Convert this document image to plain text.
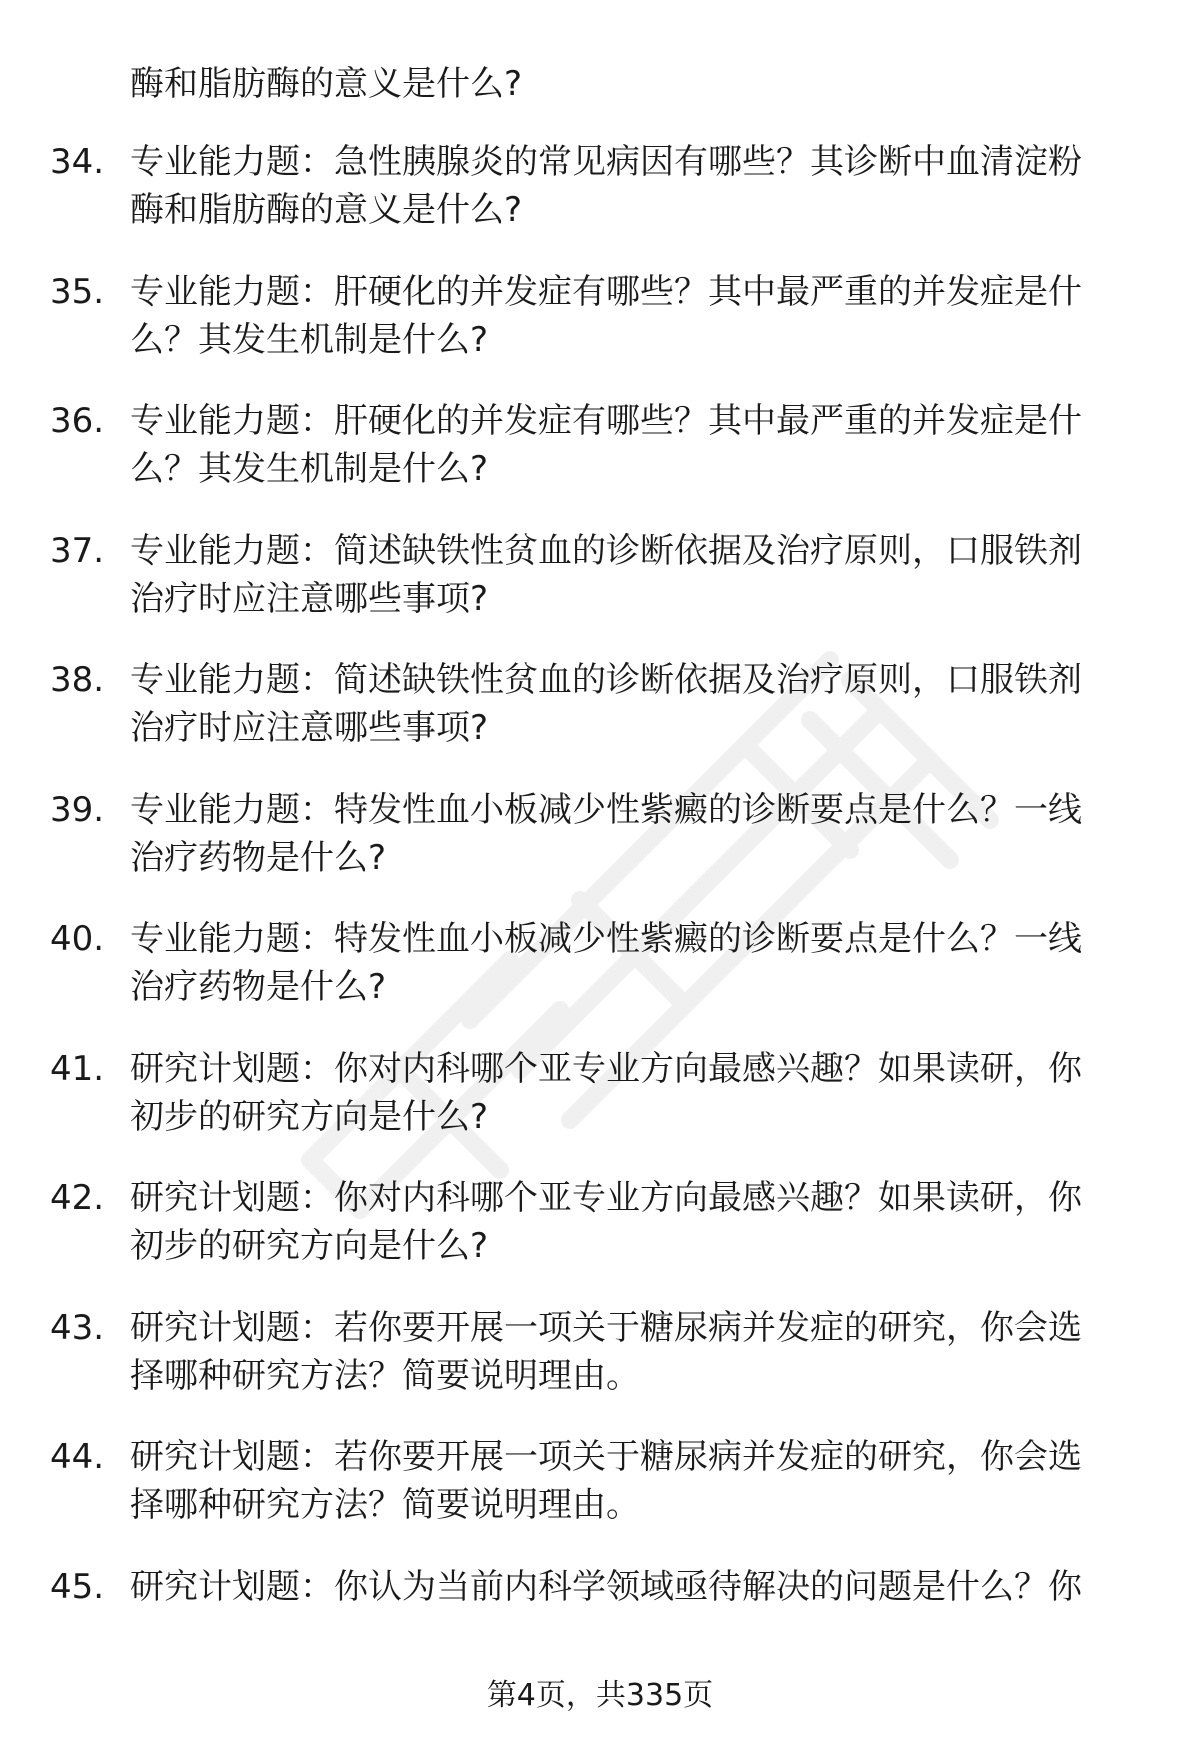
酶和脂肪酶的意义是什么?
34. 专业能力题：急性胰腺炎的常见病因有哪些？其诊断中血清淀粉
酶和脂肪酶的意义是什么?
35. 专业能力题：肝硬化的并发症有哪些？其中最严重的并发症是什
么？其发生机制是什么?
36. 专业能力题：肝硬化的并发症有哪些？其中最严重的并发症是什
么？其发生机制是什么?
37. 专业能力题：简述缺铁性贫血的诊断依据及治疗原则，口服铁剂
治疗时应注意哪些事项?
38. 专业能力题：简述缺铁性贫血的诊断依据及治疗原则，口服铁剂
治疗时应注意哪些事项?
39. 专业能力题：特发性血小板减少性紫癜的诊断要点是什么？一线
治疗药物是什么?
40. 专业能力题：特发性血小板减少性紫癜的诊断要点是什么？一线
治疗药物是什么?
41. 研究计划题：你对内科哪个亚专业方向最感兴趣？如果读研，你
初步的研究方向是什么?
42. 研究计划题：你对内科哪个亚专业方向最感兴趣？如果读研，你
初步的研究方向是什么?
43. 研究计划题：若你要开展一项关于糖尿病并发症的研究，你会选
择哪种研究方法？简要说明理由。
44. 研究计划题：若你要开展一项关于糖尿病并发症的研究，你会选
择哪种研究方法？简要说明理由。
45. 研究计划题：你认为当前内科学领域亟待解决的问题是什么？你
第4页，共335页
